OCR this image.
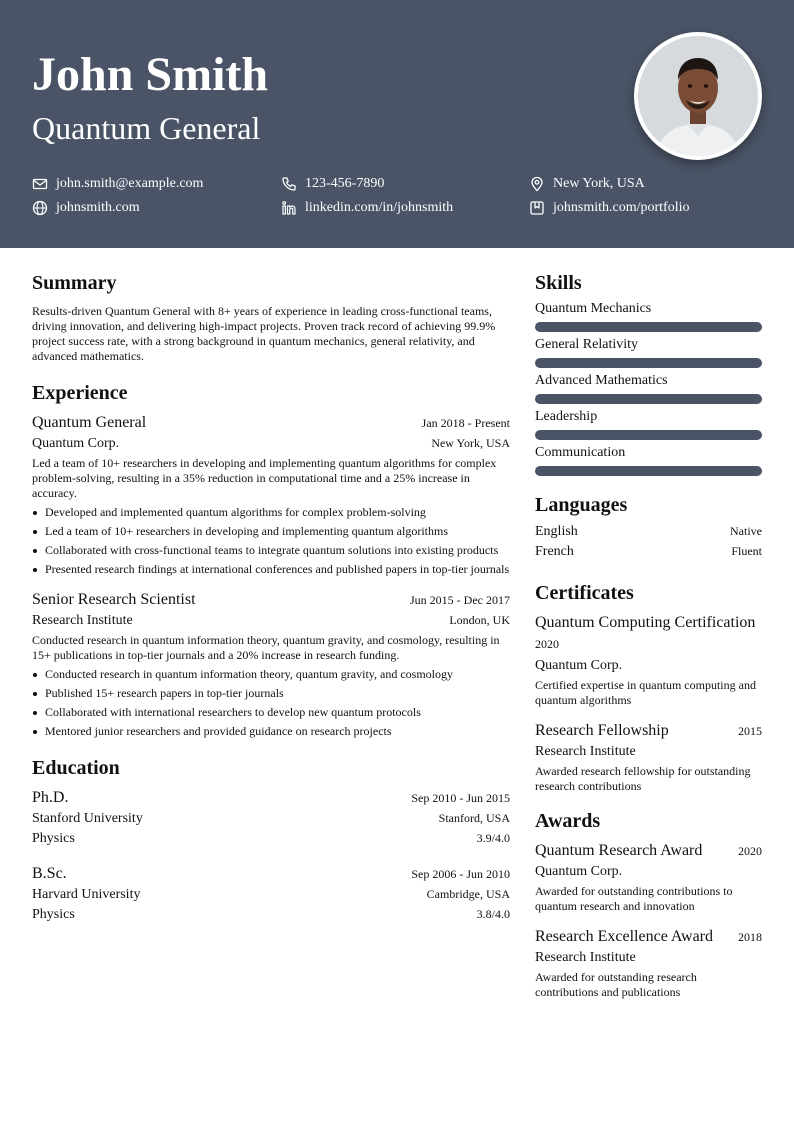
John Smith
Quantum General
john.smith@example.com	123-456-7890	New York, USA
johnsmith.com	linkedin.com/in/johnsmith	johnsmith.com/portfolio
Summary

Results-driven Quantum General with 8+ years of experience in leading cross-functional teams, driving innovation, and delivering high-impact projects. Proven track record of achieving 99.9% project success rate, with a strong background in quantum mechanics, general relativity, and advanced mathematics.

Experience
Quantum General	Jan 2018 - Present
Quantum Corp.	New York, USA

Led a team of 10+ researchers in developing and implementing quantum algorithms for complex problem-solving, resulting in a 35% reduction in computational time and a 25% increase in accuracy.

Developed and implemented quantum algorithms for complex problem-solving
Led a team of 10+ researchers in developing and implementing quantum algorithms
Collaborated with cross-functional teams to integrate quantum solutions into existing products
Presented research findings at international conferences and published papers in top-tier journals
Senior Research Scientist	Jun 2015 - Dec 2017
Research Institute	London, UK

Conducted research in quantum information theory, quantum gravity, and cosmology, resulting in 15+ publications in top-tier journals and a 20% increase in research funding.

Conducted research in quantum information theory, quantum gravity, and cosmology
Published 15+ research papers in top-tier journals
Collaborated with international researchers to develop new quantum protocols
Mentored junior researchers and provided guidance on research projects
Education
Ph.D.	Sep 2010 - Jun 2015
Stanford University	Stanford, USA
Physics	3.9/4.0
B.Sc.	Sep 2006 - Jun 2010
Harvard University	Cambridge, USA
Physics	3.8/4.0
Skills
Quantum Mechanics
General Relativity
Advanced Mathematics
Leadership
Communication
Languages
English	Native
French	Fluent
Certificates
Quantum Computing Certification
2020
Quantum Corp.

Certified expertise in quantum computing and quantum algorithms

Research Fellowship	2015
Research Institute

Awarded research fellowship for outstanding research contributions

Awards
Quantum Research Award	2020
Quantum Corp.

Awarded for outstanding contributions to quantum research and innovation

Research Excellence Award 2018
Research Institute

Awarded for outstanding research contributions and publications
